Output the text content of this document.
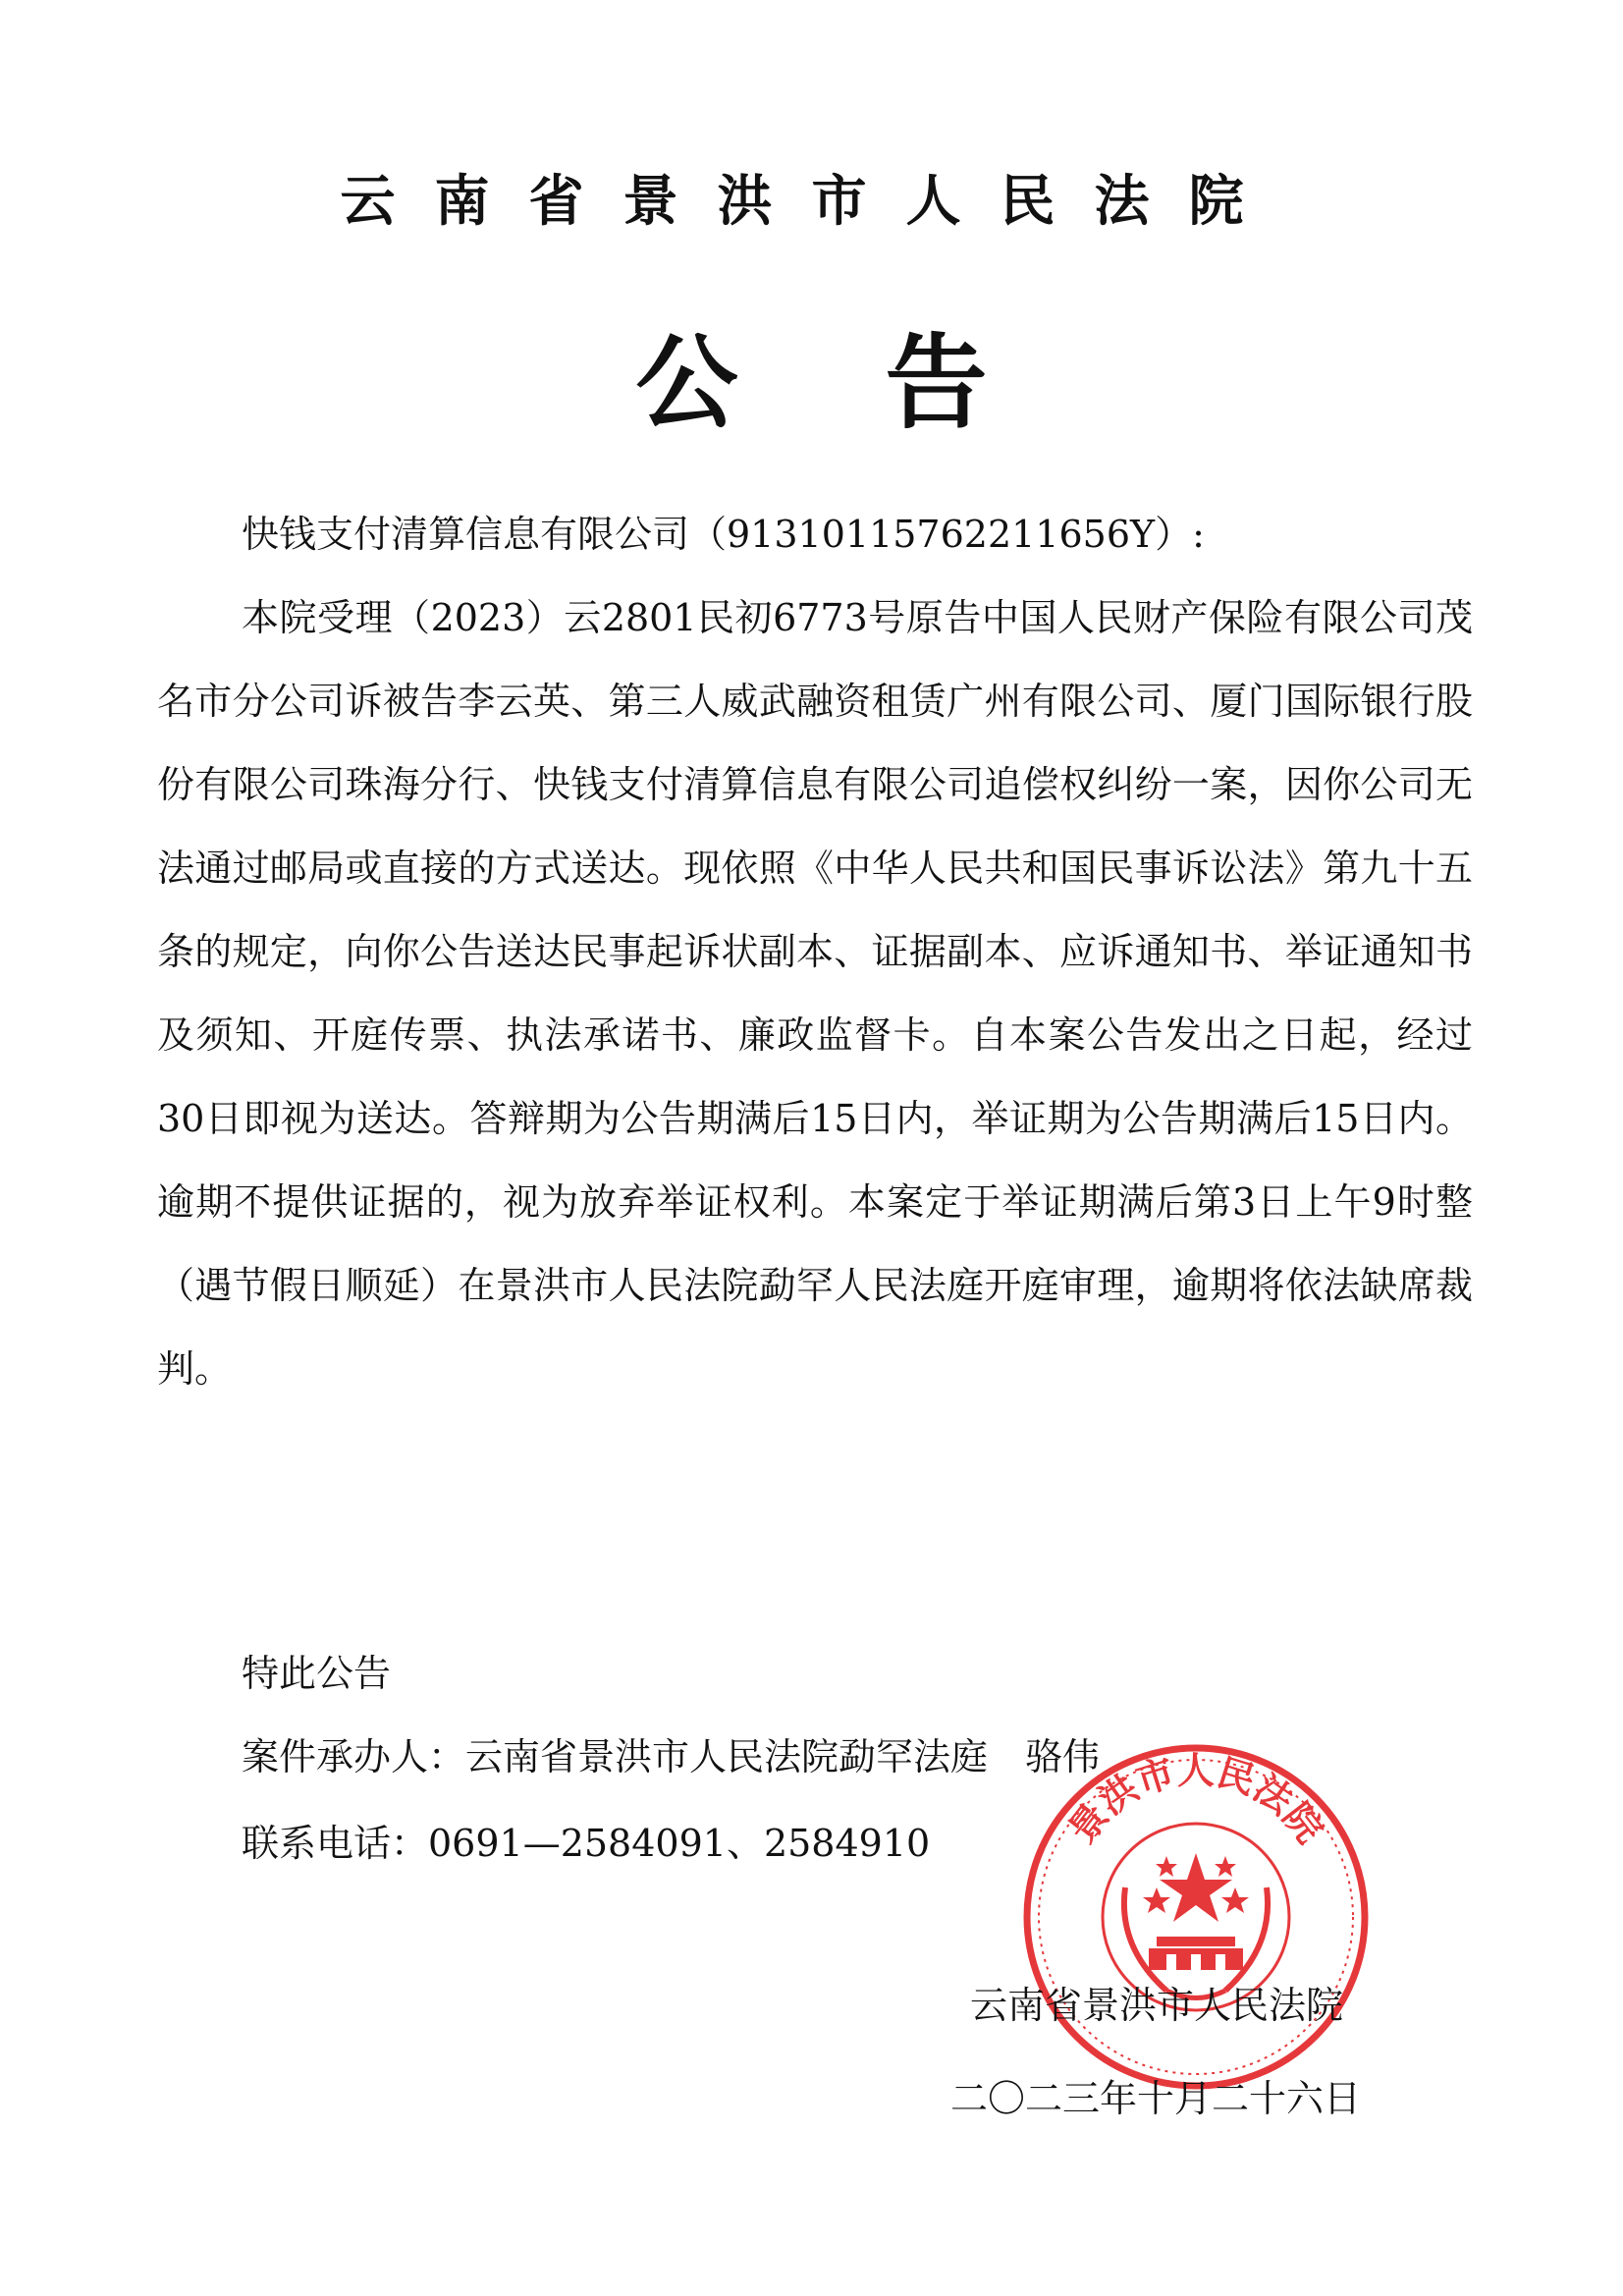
云南省景洪市人民法院
公 告
快钱支付清算信息有限公司（91310115762211656Y）:
本院受理（2023）云2801民初6773号原告中国人民财产保险有限公司茂名市分公司诉被告李云英、第三人威武融资租赁广州有限公司、厦门国际银行股份有限公司珠海分行、快钱支付清算信息有限公司追偿权纠纷一案，因你公司无法通过邮局或直接的方式送达。现依照《中华人民共和国民事诉讼法》第九十五条的规定，向你公告送达民事起诉状副本、证据副本、应诉通知书、举证通知书及须知、开庭传票、执法承诺书、廉政监督卡。自本案公告发出之日起，经过30日即视为送达。答辩期为公告期满后15日内，举证期为公告期满后15日内。逾期不提供证据的，视为放弃举证权利。本案定于举证期满后第3日上午9时整（遇节假日顺延）在景洪市人民法院勐罕人民法庭开庭审理，逾期将依法缺席裁判。
特此公告
案件承办人：云南省景洪市人民法院勐罕法庭　骆伟
联系电话：0691—2584091、2584910	景洪市人民法院
云南省景洪市人民法院
二〇二三年十月二十六日
